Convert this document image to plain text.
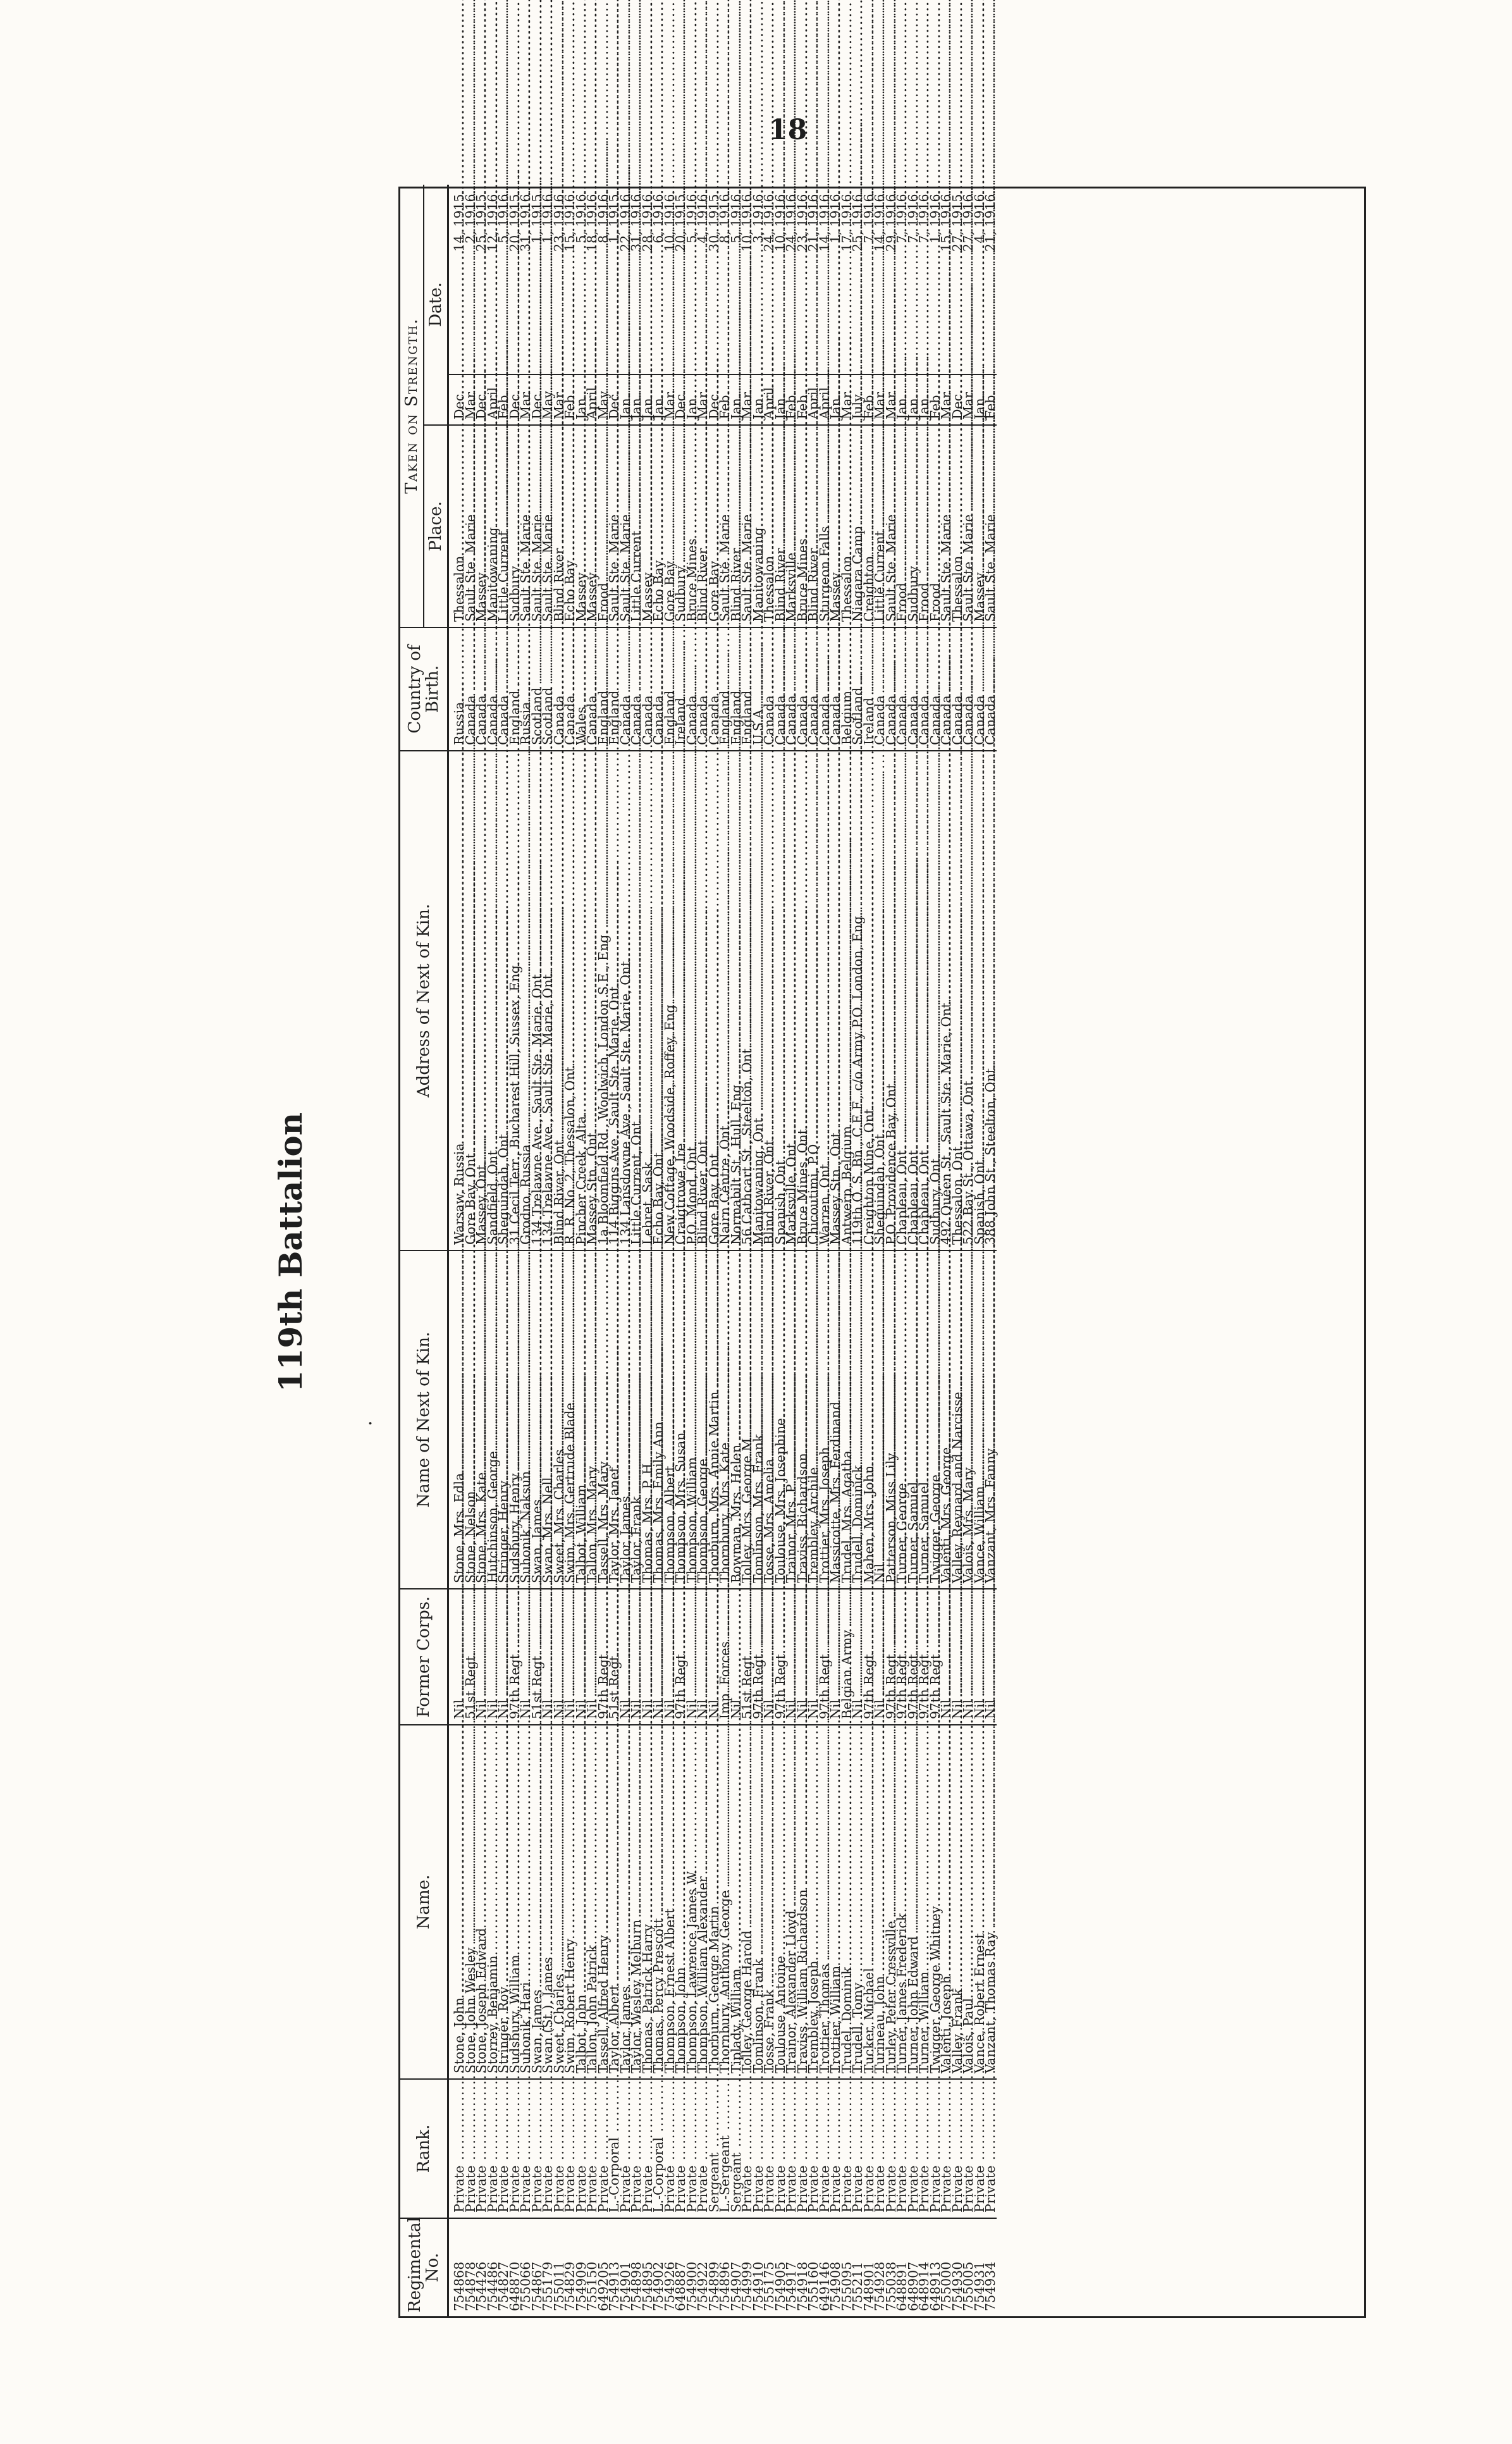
18
119th Battalion
.
Regimental No.	Rank.	Name.	Former Corps.	Name of Next of Kin.	Address of Next of Kin.	Country of Birth.	Taken on Strength.		
							Place.	Date.	
754868	Private .....	Stone, John .....	Nil .....	Stone, Mrs. Edla .....	Warsaw, Russia .....	Russia .....	Thessalon .....	Dec.	14, 1915.
754878	Private .....	Stone, John Wesley .....	51st Regt. .....	Stone, Nelson .....	Gore Bay, Ont. .....	Canada .....	Sault Ste. Marie .....	Mar.	2, 1916.
754426	Private .....	Stone, Joseph Edward .....	Nil .....	Stone, Mrs. Kate .....	Massey, Ont. .....	Canada .....	Massey .....	Dec.	25, 1915.
754486	Private .....	Storrey, Benjamin .....	Nil .....	Hutchinson, George .....	Sandfield, Ont. .....	Canada .....	Manitowaning .....	April	12, 1916.
754827	Private .....	Stringer, Roy .....	Nil .....	Stringer, Henry .....	Sheguindah, Ont. .....	Canada .....	Little Current .....	Feb.	5, 1916.
648870	Private .....	Sudsbury, William .....	97th Regt. .....	Sudsbury, Henry .....	31 Cecil Terr., Bucharest Hill, Sussex, Eng. .....	England .....	Sudbury .....	Dec.	20, 1915.
755066	Private .....	Suhonik, Hari .....	Nil .....	Suhonik, Naksun .....	Grodno, Russia .....	Russia .....	Sault Ste. Marie .....	Mar.	31, 1916.
754867	Private .....	Swan, James .....	51st Regt. .....	Swan, James .....	134 Trelawne Ave., Sault Ste. Marie, Ont. .....	Scotland .....	Sault Ste. Marie .....	Dec.	1, 1915.
755179	Private .....	Swan (St.), James .....	Nil .....	Swan, Mrs. Nell .....	134 Trelawne Ave., Sault Ste. Marie, Ont. .....	Scotland .....	Sault Ste. Marie .....	May	1, 1916.
755011	Private .....	Sweet, Charles .....	Nil .....	Sweet, Mrs. Charles .....	Blind River, Ont. .....	Canada .....	Blind River .....	Mar.	23, 1916.
754829	Private .....	Swim, Robert Henry .....	Nil .....	Swim, Mrs. Gertrude Blade .....	R. R. No. 2, Thessalon, Ont. .....	Canada .....	Echo Bay .....	Feb.	15, 1916.
754909	Private .....	Talbot, John .....	Nil .....	Talbot, William .....	Pincher Creek, Alta. .....	Wales .....	Massey .....	Jan.	5, 1916.
755150	Private .....	Tallon, John Patrick .....	Nil .....	Tallon, Mrs. Mary .....	Massey Stn., Ont. .....	Canada .....	Massey .....	April	18, 1916.
649205	Private .....	Tassell, Alfred Henry .....	97th Regt. .....	Tassell, Mrs. Mary .....	1a Bloomfield Rd., Woolwich, London S.E., Eng. .....	England .....	Frood .....	May	8, 1916.
754913	L.-Corporal .....	Taylor, Albert .....	51st Regt. .....	Taylor, Mrs. Janet .....	114 Biggins Ave., Sault Ste. Marie, Ont. .....	England .....	Sault Ste. Marie .....	Dec.	1, 1915.
754901	Private .....	Taylor, James .....	Nil .....	Taylor, James .....	134 Lansdowne Ave., Sault Ste. Marie, Ont. .....	Canada .....	Sault Ste. Marie .....	Jan.	22, 1916.
754898	Private .....	Taylor, Wesley Melburn .....	Nil .....	Taylor, Frank .....	Little Current, Ont. .....	Canada .....	Little Current .....	Jan.	31, 1916.
754895	Private .....	Thomas, Patrick Harry .....	Nil .....	Thomas, Mrs. P. H. .....	Lebret, Sask. .....	Canada .....	Massey .....	Jan.	28, 1916.
754902	L.-Corporal .....	Thomas, Percy Prescott .....	Nil .....	Thomas, Mrs. Emily Ann .....	Echo Bay, Ont. .....	Canada .....	Echo Bay .....	Jan.	6, 1916.
754926	Private .....	Thompson, Ernest Albert .....	Nil .....	Thompson, Albert .....	New Cottage, Woodside, Roffey, Eng. .....	England .....	Gore Bay .....	Mar.	10, 1916.
648887	Private .....	Thompson, John .....	97th Regt. .....	Thompson, Mrs. Susan .....	Craigtrowe, Ire. .....	Ireland .....	Sudbury .....	Dec.	20, 1915.
754900	Private .....	Thompson, Lawrence James W. .....	Nil .....	Thompson, William .....	P.O. Mond, Ont. .....	Canada .....	Bruce Mines .....	Jan.	5, 1916.
754922	Private .....	Thompson, William Alexander .....	Nil .....	Thompson, George .....	Blind River, Ont. .....	Canada .....	Blind River .....	Mar.	4, 1916.
754899	Sergeant .....	Thorburn, George Martin .....	Nil .....	Thorburn, Mrs. Annie Martin .....	Gore Bay, Ont. .....	Canada .....	Gore Bay .....	Dec.	30, 1915.
754896	L.-Sergeant .....	Thornbury, Anthony George .....	Imp. Forces .....	Thornbury, Mrs. Kate .....	Nairn Centre, Ont. .....	England .....	Sault Ste. Marie .....	Feb.	8, 1916.
754907	Sergeant .....	Tiplady, William .....	Nil .....	Bowman, Mrs. Helen .....	Normabilt St., Hull, Eng. .....	England .....	Blind River .....	Jan.	5, 1916.
754999	Private .....	Tolley, George Harold .....	51st Regt. .....	Tolley, Mrs. George M. .....	56 Cathcart St., Steelton, Ont. .....	England .....	Sault Ste. Marie .....	Mar.	10, 1916.
754910	Private .....	Tomlinson, Frank .....	97th Regt. .....	Tomlinson, Mrs. Frank .....	Manitowaning, Ont. .....	U.S.A. .....	Manitowaning .....	Jan.	3, 1916.
755175	Private .....	Tosse, Frank .....	Nil .....	Tosse, Mrs. Amelia .....	Blind River, Ont. .....	Canada .....	Thessalon .....	April	24, 1916.
754905	Private .....	Toulouse, Antoine .....	97th Regt. .....	Toulouse, Mrs. Josephine .....	Spanish, Ont. .....	Canada .....	Blind River .....	Jan.	10, 1916.
754917	Private .....	Trainor, Alexander Lloyd .....	Nil .....	Trainor, Mrs. P. .....	Marksville, Ont. .....	Canada .....	Marksville .....	Feb.	24, 1916.
754918	Private .....	Traviss, William Richardson .....	Nil .....	Traviss, Richardson .....	Bruce Mines, Ont. .....	Canada .....	Bruce Mines .....	Feb.	23, 1916.
755160	Private .....	Trembley, Joseph .....	Nil .....	Trembley, Archile .....	Chicoutimi, P.Q. .....	Canada .....	Blind River .....	April	21, 1916.
649146	Private .....	Trottier, Thomas .....	97th Regt. .....	Trottier, Mrs. Joseph .....	Warren, Ont. .....	Canada .....	Sturgeon Falls .....	April	14, 1916.
754908	Private .....	Trottier, William .....	Nil .....	Massicotte, Mrs. Ferdinand .....	Massey Stn., Ont. .....	Canada .....	Massey .....	Jan.	1, 1916.
755095	Private .....	Trudel, Dominik .....	Belgian Army .....	Trudel, Mrs. Agatha .....	Antwerp, Belgium .....	Belgium .....	Thessalon .....	Mar.	17, 1916.
755211	Private .....	Trudell, Tomy .....	Nil .....	Trudell, Dominick .....	119th O. S. Bn., C.E.F., c/o Army P.O. London, Eng. .....	Scotland .....	Niagara Camp .....	July	25, 1916.
748901	Private .....	Tucker, Michael .....	97th Regt. .....	Mahen, Mrs. John .....	Creighton Mine, Ont. .....	Ireland .....	Creighton .....	Feb.	7, 1916.
754928	Private .....	Turineau, John .....	Nil .....	Nil .....	Sheguindah, Ont. .....	Canada .....	Little Current .....	Mar.	14, 1916.
755038	Private .....	Turley, Peter Cressville .....	97th Regt. .....	Patterson, Miss Lily .....	P.O. Providence Bay, Ont. .....	Canada .....	Sault Ste. Marie .....	Mar.	29, 1916.
648891	Private .....	Turner, James Frederick .....	97th Regt. .....	Turner, George .....	Chapleau, Ont. .....	Canada .....	Frood .....	Jan.	7, 1916.
648907	Private .....	Turner, John Edward .....	97th Regt. .....	Turner, Samuel .....	Chapleau, Ont. .....	Canada .....	Sudbury .....	Jan.	7, 1916.
648914	Private .....	Turner, William .....	97th Regt. .....	Turner, Samuel .....	Chapleau, Ont. .....	Canada .....	Frood .....	Jan.	7, 1916.
648913	Private .....	Twigger, George Whitney .....	97th Regt. .....	Twigger, George .....	Sudbury, Ont. .....	Canada .....	Frood .....	Feb.	1, 1916.
755000	Private .....	Valenti, Joseph .....	Nil .....	Valenti, Mrs. George .....	492 Queen St., Sault Ste. Marie, Ont. .....	Canada .....	Sault Ste. Marie .....	Mar.	15, 1916.
754930	Private .....	Valley, Frank .....	Nil .....	Valley, Reynard and Narcisse .....	Thessalon, Ont. .....	Canada .....	Thessalon .....	Dec.	27, 1915.
755005	Private .....	Valois, Paul .....	Nil .....	Valois, Mrs. Mary .....	522 Bay St., Ottawa, Ont. .....	Canada .....	Sault Ste. Marie .....	Mar.	27, 1916.
754931	Private .....	Vance, Robert Ernest .....	Nil .....	Vance, William .....	Spanish, Ont. .....	Canada .....	Massey .....	Jan.	4, 1916.
754934	Private .....	Vanzant, Thomas Ray .....	Nil .....	Vanzant, Mrs. Fanny .....	388 John St., Steelton, Ont. .....	Canada .....	Sault Ste. Marie .....	Feb.	21, 1916.
